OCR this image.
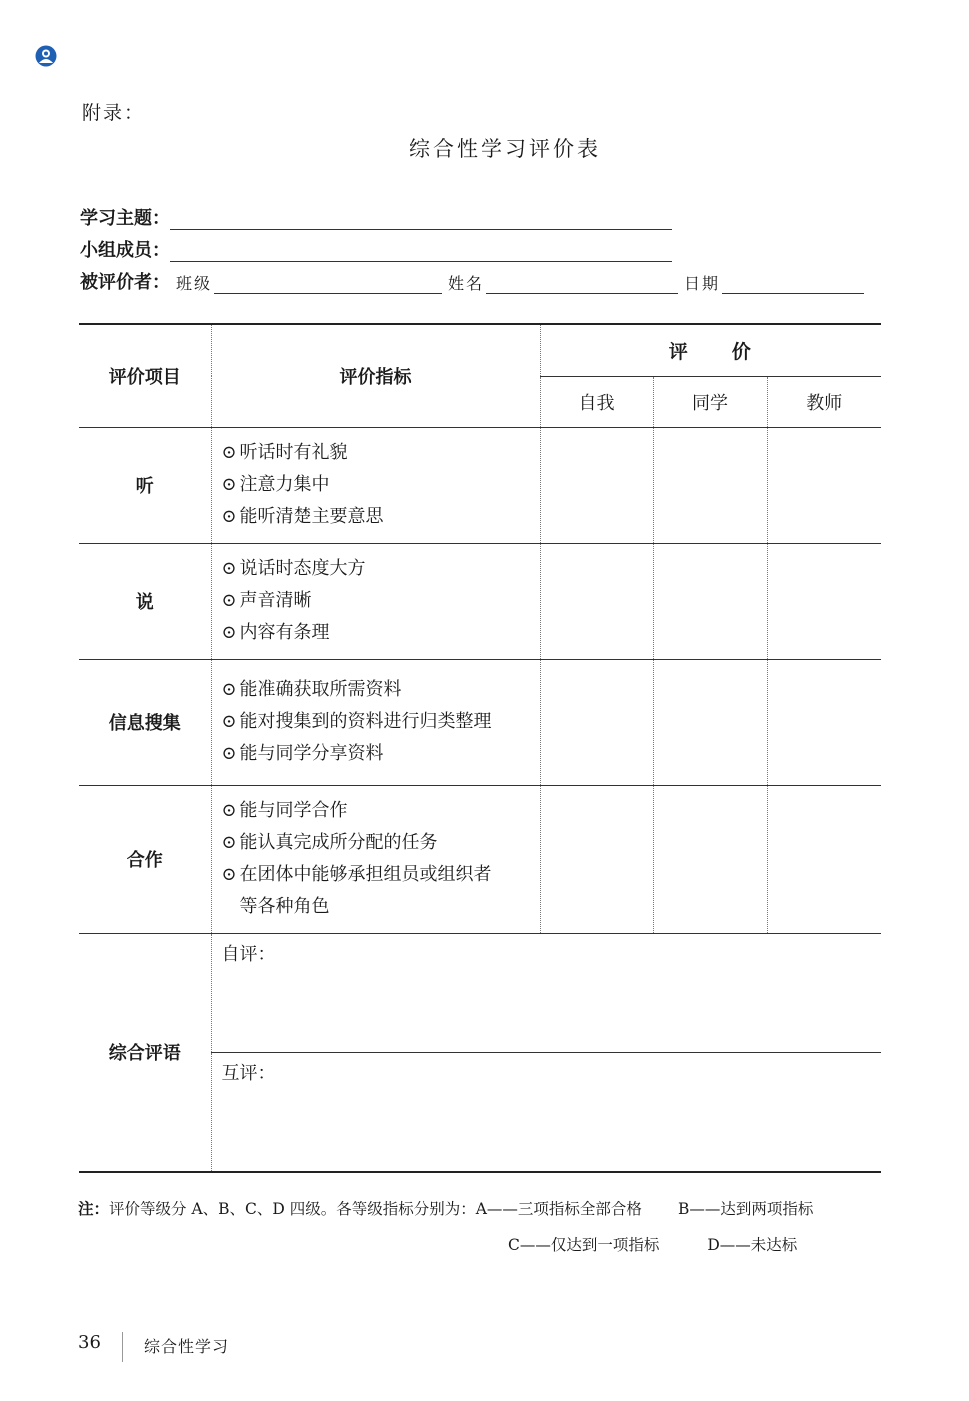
附录：
综合性学习评价表
学习主题：
小组成员：
被评价者： 班级	姓名	日期
评价项目	评价指标	评　　价		
		自我	同学	教师
听	⊙ 听话时有礼貌
⊙ 注意力集中
⊙ 能听清楚主要意思			

说	⊙ 说话时态度大方
⊙ 声音清晰
⊙ 内容有条理			

信息搜集	⊙ 能准确获取所需资料
⊙ 能对搜集到的资料进行归类整理
⊙ 能与同学分享资料			

合作	⊙ 能与同学合作
⊙ 能认真完成所分配的任务
⊙ 在团体中能够承担组员或组织者
等各种角色			

综合评语	自评：			
	互评：			
注：评价等级分 A、B、C、D 四级。各等级指标分别为：A——三项指标全部合格 B——达到两项指标
C——仅达到一项指标	D——未达标
36	综合性学习
